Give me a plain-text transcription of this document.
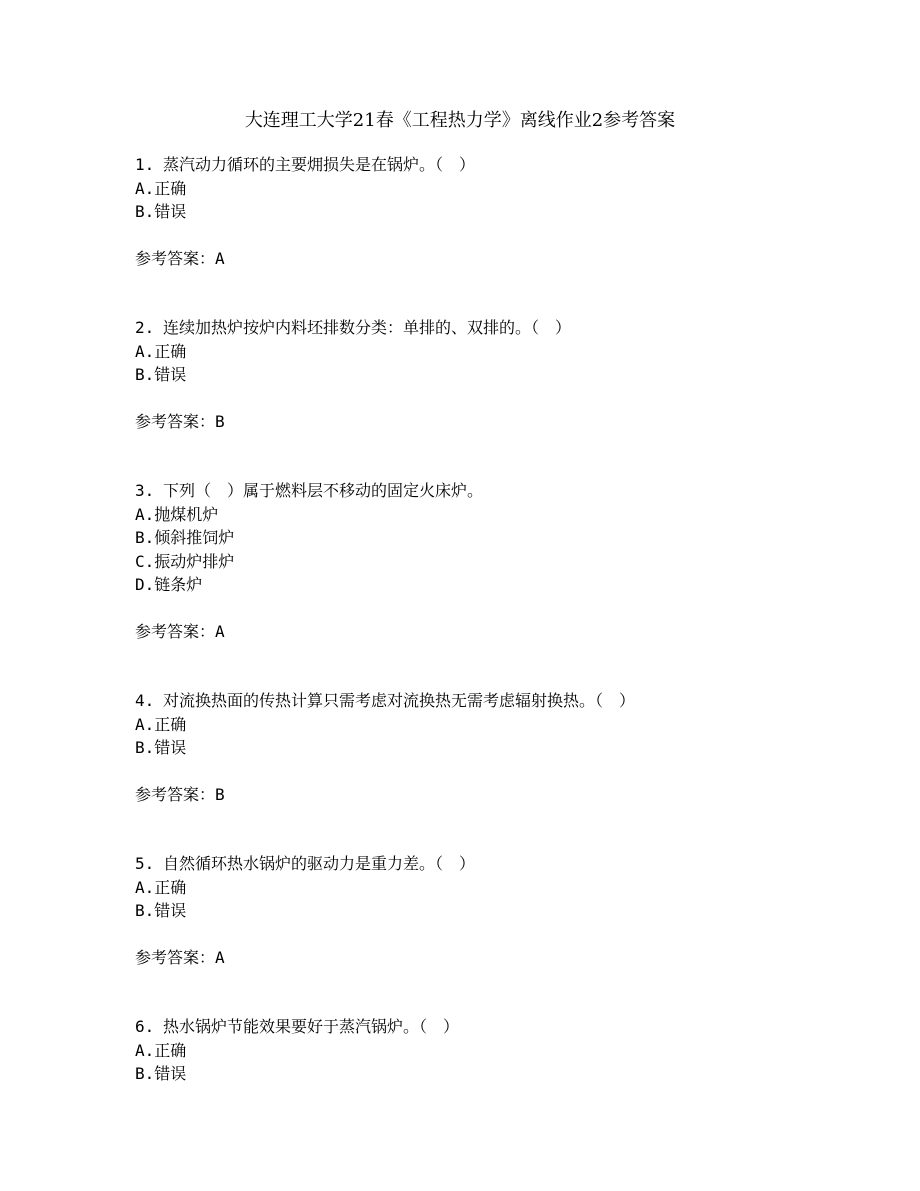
大连理工大学21春《工程热力学》离线作业2参考答案
1. 蒸汽动力循环的主要㶲损失是在锅炉。（　）
A.正确
B.错误
参考答案：A
2. 连续加热炉按炉内料坯排数分类：单排的、双排的。（　）
A.正确
B.错误
参考答案：B
3. 下列（　）属于燃料层不移动的固定火床炉。
A.抛煤机炉
B.倾斜推饲炉
C.振动炉排炉
D.链条炉
参考答案：A
4. 对流换热面的传热计算只需考虑对流换热无需考虑辐射换热。（　）
A.正确
B.错误
参考答案：B
5. 自然循环热水锅炉的驱动力是重力差。（　）
A.正确
B.错误
参考答案：A
6. 热水锅炉节能效果要好于蒸汽锅炉。（　）
A.正确
B.错误
